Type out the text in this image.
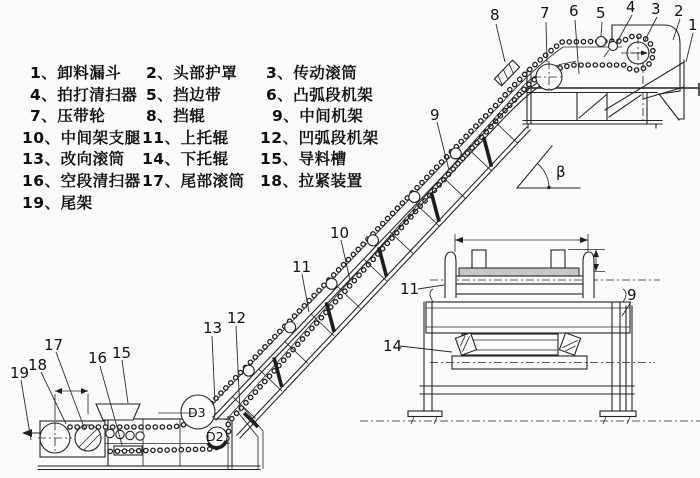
1、卸料漏斗 2、头部护罩 3、传动滚筒
4、拍打清扫器 5、挡边带	6、凸弧段机架
7、压带轮	8、挡辊	9、中间机架
10、中间架支腿 11、上托辊 12、凹弧段机架
13、改向滚筒 14、下托辊 15、导料槽
16、空段清扫器 17、尾部滚筒 18、拉紧装置
19、尾架
D3
D2
β
8	7 6 5 4 3 2
1
9
10
11
13
12
15
16
17
18
19
11
14
9
